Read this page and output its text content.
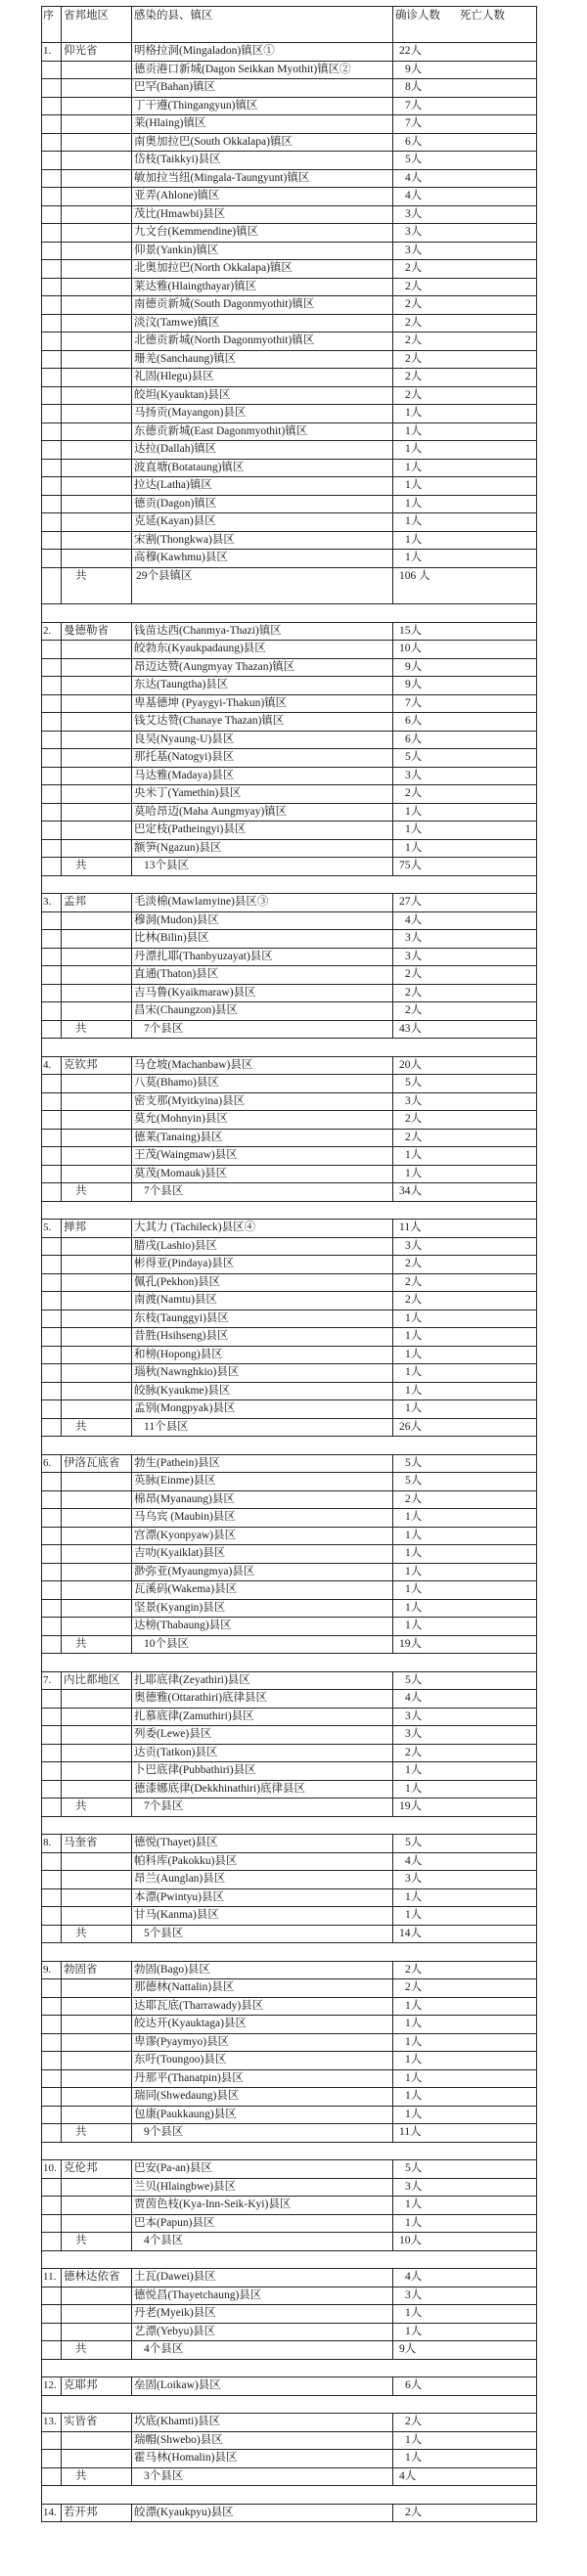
序	省邦地区	感染的县、镇区	确诊人数 死亡人数
1.	仰光省	明格拉洞(Mingaladon)镇区①	22人
		德贡港口新城(Dagon Seikkan Myothit)镇区②	9人
		巴罕(Bahan)镇区	8人
		丁干遵(Thingangyun)镇区	7人
		莱(Hlaing)镇区	7人
		南奥加拉巴(South Okkalapa)镇区	6人
		岱枝(Taikkyi)县区	5人
		敏加拉当纽(Mingala-Taungyunt)镇区	4人
		亚弄(Ahlone)镇区	4人
		茂比(Hmawbi)县区	3人
		九文台(Kemmendine)镇区	3人
		仰景(Yankin)镇区	3人
		北奥加拉巴(North Okkalapa)镇区	2人
		莱达雅(Hlaingthayar)镇区	2人
		南德贡新城(South Dagonmyothit)镇区	2人
		淡汶(Tamwe)镇区	2人
		北德贡新城(North Dagonmyothit)镇区	2人
		珊羌(Sanchaung)镇区	2人
		礼固(Hlegu)县区	2人
		皎坦(Kyauktan)县区	2人
		马扬贡(Mayangon)县区	1人
		东德贡新城(East Dagonmyothit)镇区	1人
		达拉(Dallah)镇区	1人
		波直塘(Botataung)镇区	1人
		拉达(Latha)镇区	1人
		德贡(Dagon)镇区	1人
		克延(Kayan)县区	1人
		宋割(Thongkwa)县区	1人
		高穆(Kawhmu)县区	1人
	共	29个县镇区	106 人

2.	曼德勒省	钱苗达西(Chanmya-Thazi)镇区	15人
		皎勃东(Kyaukpadaung)县区	10人
		昂迈达赞(Aungmyay Thazan)镇区	9人
		东达(Taungtha)县区	9人
		卑基德坤 (Pyaygyi-Thakun)镇区	7人
		钱艾达赞(Chanaye Thazan)镇区	6人
		良吴(Nyaung-U)县区	6人
		那托基(Natogyi)县区	5人
		马达雅(Madaya)县区	3人
		央米丁(Yamethin)县区	2人
		莫哈昂迈(Maha Aungmyay)镇区	1人
		巴定枝(Patheingyi)县区	1人
		额笋(Ngazun)县区	1人
	共	13个县区	75人

3.	孟邦	毛淡棉(Mawlamyine)县区③	27人
		穆洞(Mudon)县区	4人
		比林(Bilin)县区	3人
		丹漂扎耶(Thanbyuzayat)县区	3人
		直通(Thaton)县区	2人
		吉马鲁(Kyaikmaraw)县区	2人
		昌宋(Chaungzon)县区	2人
	共	7个县区	43人

4.	克钦邦	马仓坡(Machanbaw)县区	20人
		八莫(Bhamo)县区	5人
		密支那(Myitkyina)县区	3人
		莫允(Mohnyin)县区	2人
		德莱(Tanaing)县区	2人
		王茂(Waingmaw)县区	1人
		莫茂(Momauk)县区	1人
	共	7个县区	34人

5.	掸邦	大其力 (Tachileck)县区④	11人
		腊戌(Lashio)县区	3人
		彬得亚(Pindaya)县区	2人
		佩孔(Pekhon)县区	2人
		南渡(Namtu)县区	2人
		东枝(Taunggyi)县区	1人
		昔胜(Hsihseng)县区	1人
		和榜(Hopong)县区	1人
		瑙秋(Nawnghkio)县区	1人
		皎脉(Kyaukme)县区	1人
		孟别(Mongpyak)县区	1人
	共	11个县区	26人

6.	伊洛瓦底省	勃生(Pathein)县区	5人
		英脉(Einme)县区	5人
		棉昂(Myanaung)县区	2人
		马乌宾 (Maubin)县区	1人
		宫漂(Kyonpyaw)县区	1人
		吉叻(Kyaiklat)县区	1人
		渺弥亚(Myaungmya)县区	1人
		瓦溪码(Wakema)县区	1人
		坚景(Kyangin)县区	1人
		达榜(Thabaung)县区	1人
	共	10个县区	19人

7.	内比都地区	扎耶底律(Zeyathiri)县区	5人
		奥德雅(Ottarathiri)底律县区	4人
		扎慕底律(Zamuthiri)县区	3人
		列委(Lewe)县区	3人
		达贡(Tatkon)县区	2人
		卜巴底律(Pubbathiri)县区	1人
		德漆娜底律(Dekkhinathiri)底律县区	1人
	共	7个县区	19人

8.	马奎省	德悦(Thayet)县区	5人
		帕科库(Pakokku)县区	4人
		昂兰(Aunglan)县区	3人
		本漂(Pwintyu)县区	1人
		甘马(Kanma)县区	1人
	共	5个县区	14人

9.	勃固省	勃固(Bago)县区	2人
		那德林(Nattalin)县区	2人
		达耶瓦底(Tharrawady)县区	1人
		皎达开(Kyauktaga)县区	1人
		卑谬(Pyaymyo)县区	1人
		东吁(Toungoo)县区	1人
		丹那平(Thanatpin)县区	1人
		瑞同(Shwedaung)县区	1人
		包康(Paukkaung)县区	1人
	共	9个县区	11人

10.	克伦邦	巴安(Pa-an)县区	5人
		兰贝(Hlaingbwe)县区	3人
		贾茵色枝(Kya-Inn-Seik-Kyi)县区	1人
		巴本(Papun)县区	1人
	共	4个县区	10人

11.	德林达依省	土瓦(Dawei)县区	4人
		德悦昌(Thayetchaung)县区	3人
		丹老(Myeik)县区	1人
		艺漂(Yebyu)县区	1人
	共	4个县区	9人

12.	克耶邦	垒固(Loikaw)县区	6人

13.	实皆省	坎底(Khamti)县区	2人
		瑞帽(Shwebo)县区	1人
		霍马林(Homalin)县区	1人
	共	3个县区	4人

14.	若开邦	皎漂(Kyaukpyu)县区	2人
